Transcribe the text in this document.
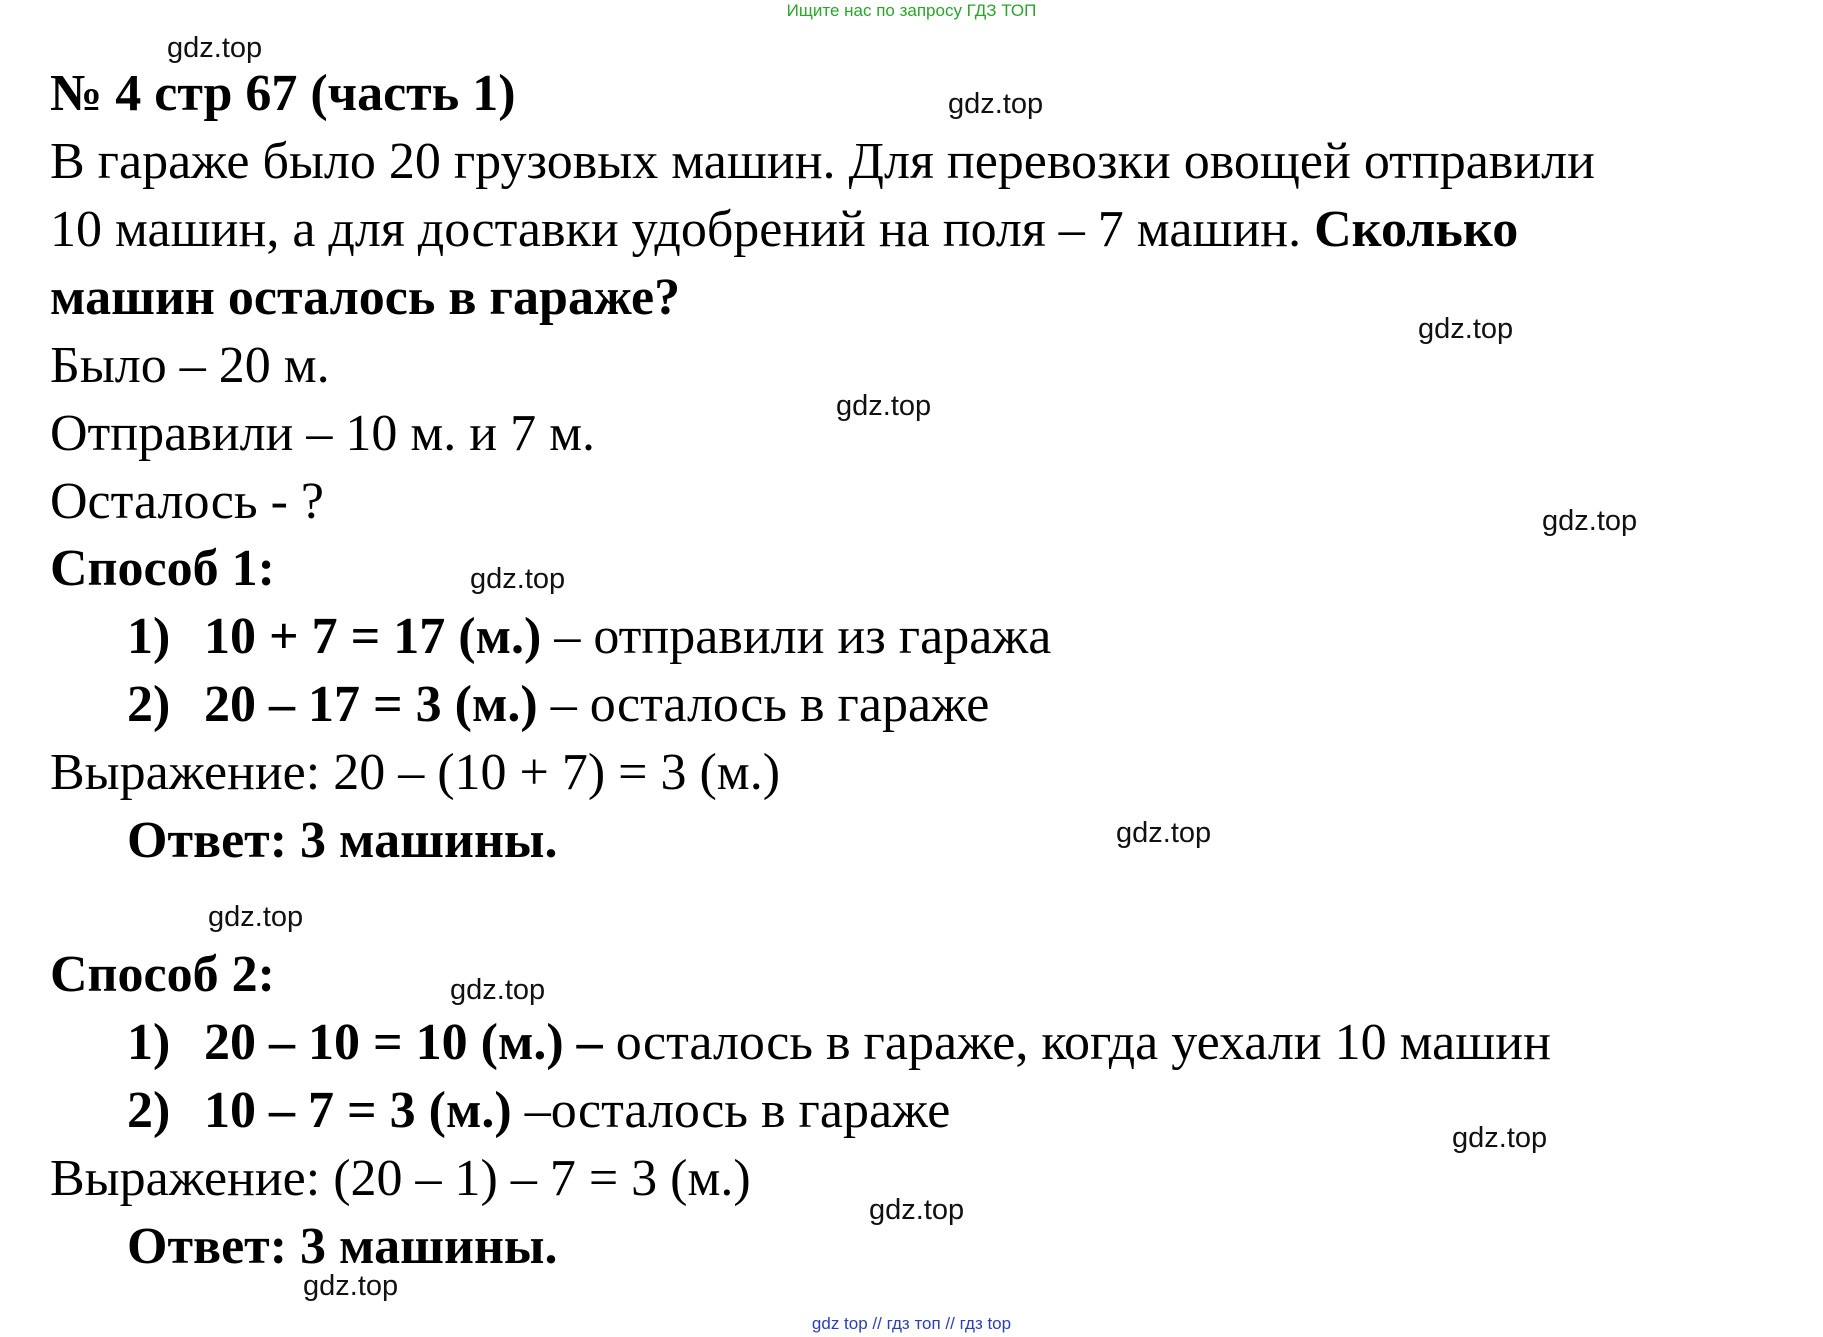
Ищите нас по запросу ГДЗ ТОП
gdz.top
gdz.top
gdz.top
gdz.top
gdz.top
gdz.top
gdz.top
gdz.top
gdz.top
gdz.top
gdz.top
gdz.top
№ 4 стр 67 (часть 1)
В гараже было 20 грузовых машин. Для перевозки овощей отправили
10 машин, а для доставки удобрений на поля – 7 машин. Сколько
машин осталось в гараже?
Было – 20 м.
Отправили – 10 м. и 7 м.
Осталось - ?
Способ 1:
1) 10 + 7 = 17 (м.) – отправили из гаража
2) 20 – 17 = 3 (м.) – осталось в гараже
Выражение: 20 – (10 + 7) = 3 (м.)
Ответ: 3 машины.
Способ 2:
1) 20 – 10 = 10 (м.) – осталось в гараже, когда уехали 10 машин
2) 10 – 7 = 3 (м.) –осталось в гараже
Выражение: (20 – 1) – 7 = 3 (м.)
Ответ: 3 машины.
gdz top // гдз топ // гдз top
